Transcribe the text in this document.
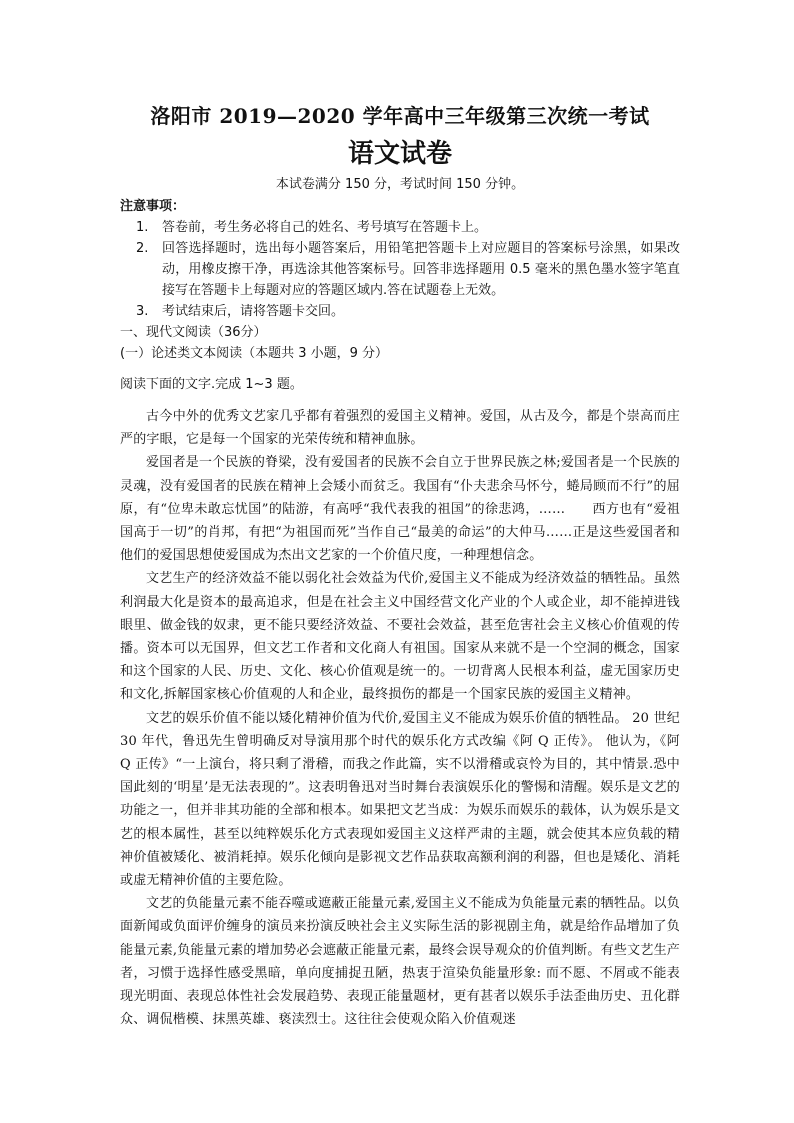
洛阳市 2019—2020 学年高中三年级第三次统一考试
语文试卷

本试卷满分 150 分，考试时间 150 分钟。

注意事项：

1.	答卷前，考生务必将自己的姓名、考号填写在答题卡上。
2.	回答选择题时，选出每小题答案后，用铅笔把答题卡上对应题目的答案标号涂黑，如果改动，用橡皮擦干净，再选涂其他答案标号。回答非选择题用 0.5 毫米的黑色墨水签字笔直接写在答题卡上每题对应的答题区域内.答在试题卷上无效。
3.	考试结束后，请将答题卡交回。

一、现代文阅读（36分）

(一）论述类文本阅读（本题共 3 小题，9 分）

阅读下面的文字.完成 1~3 题。

古今中外的优秀文艺家几乎都有着强烈的爱国主义精神。爱国，从古及今，都是个崇高而庄严的字眼，它是每一个国家的光荣传统和精神血脉。

爱国者是一个民族的脊梁，没有爱国者的民族不会自立于世界民族之林;爱国者是一个民族的灵魂，没有爱国者的民族在精神上会矮小而贫乏。我国有“仆夫悲余马怀兮，蜷局顾而不行”的屈原，有“位卑未敢忘忧国”的陆游，有高呼“我代表我的祖国”的徐悲鸿，……　　西方也有“爱祖国高于一切”的肖邦，有把“为祖国而死”当作自己“最美的命运”的大仲马……正是这些爱国者和他们的爱国思想使爱国成为杰出文艺家的一个价值尺度，一种理想信念。

文艺生产的经济效益不能以弱化社会效益为代价,爱国主义不能成为经济效益的牺牲品。虽然利润最大化是资本的最高追求，但是在社会主义中国经营文化产业的个人或企业，却不能掉进钱眼里、做金钱的奴隶，更不能只要经济效益、不要社会效益，甚至危害社会主义核心价值观的传播。资本可以无国界，但文艺工作者和文化商人有祖国。国家从来就不是一个空洞的概念，国家和这个国家的人民、历史、文化、核心价值观是统一的。一切背离人民根本利益，虚无国家历史和文化,拆解国家核心价值观的人和企业，最终损伤的都是一个国家民族的爱国主义精神。

文艺的娱乐价值不能以矮化精神价值为代价,爱国主义不能成为娱乐价值的牺牲品。 20 世纪 30 年代，鲁迅先生曾明确反对导演用那个时代的娱乐化方式改编《阿 Q 正传》。 他认为，《阿 Q 正传》“一上演台，将只剩了滑稽，而我之作此篇，实不以滑稽或哀怜为目的，其中情景.恐中国此刻的‘明星’是无法表现的”。这表明鲁迅对当时舞台表演娱乐化的警惕和清醒。娱乐是文艺的功能之一，但并非其功能的全部和根本。如果把文艺当成：为娱乐而娱乐的载体，认为娱乐是文艺的根本属性，甚至以纯粹娱乐化方式表现如爱国主义这样严肃的主题，就会使其本应负载的精神价值被矮化、被消耗掉。娱乐化倾向是影视文艺作品获取高额利润的利器，但也是矮化、消耗或虚无精神价值的主要危险。

文艺的负能量元素不能吞噬或遮蔽正能量元素,爱国主义不能成为负能量元素的牺牲品。以负面新闻或负面评价缠身的演员来扮演反映社会主义实际生活的影视剧主角，就是给作品增加了负能量元素,负能量元素的增加势必会遮蔽正能量元素，最终会误导观众的价值判断。有些文艺生产者，习惯于选择性感受黑暗，单向度捕捉丑陋，热衷于渲染负能量形象: 而不愿、不屑或不能表现光明面、表现总体性社会发展趋势、表现正能量题材，更有甚者以娱乐手法歪曲历史、丑化群众、调侃楷模、抹黑英雄、亵渎烈士。这往往会使观众陷入价值观迷
